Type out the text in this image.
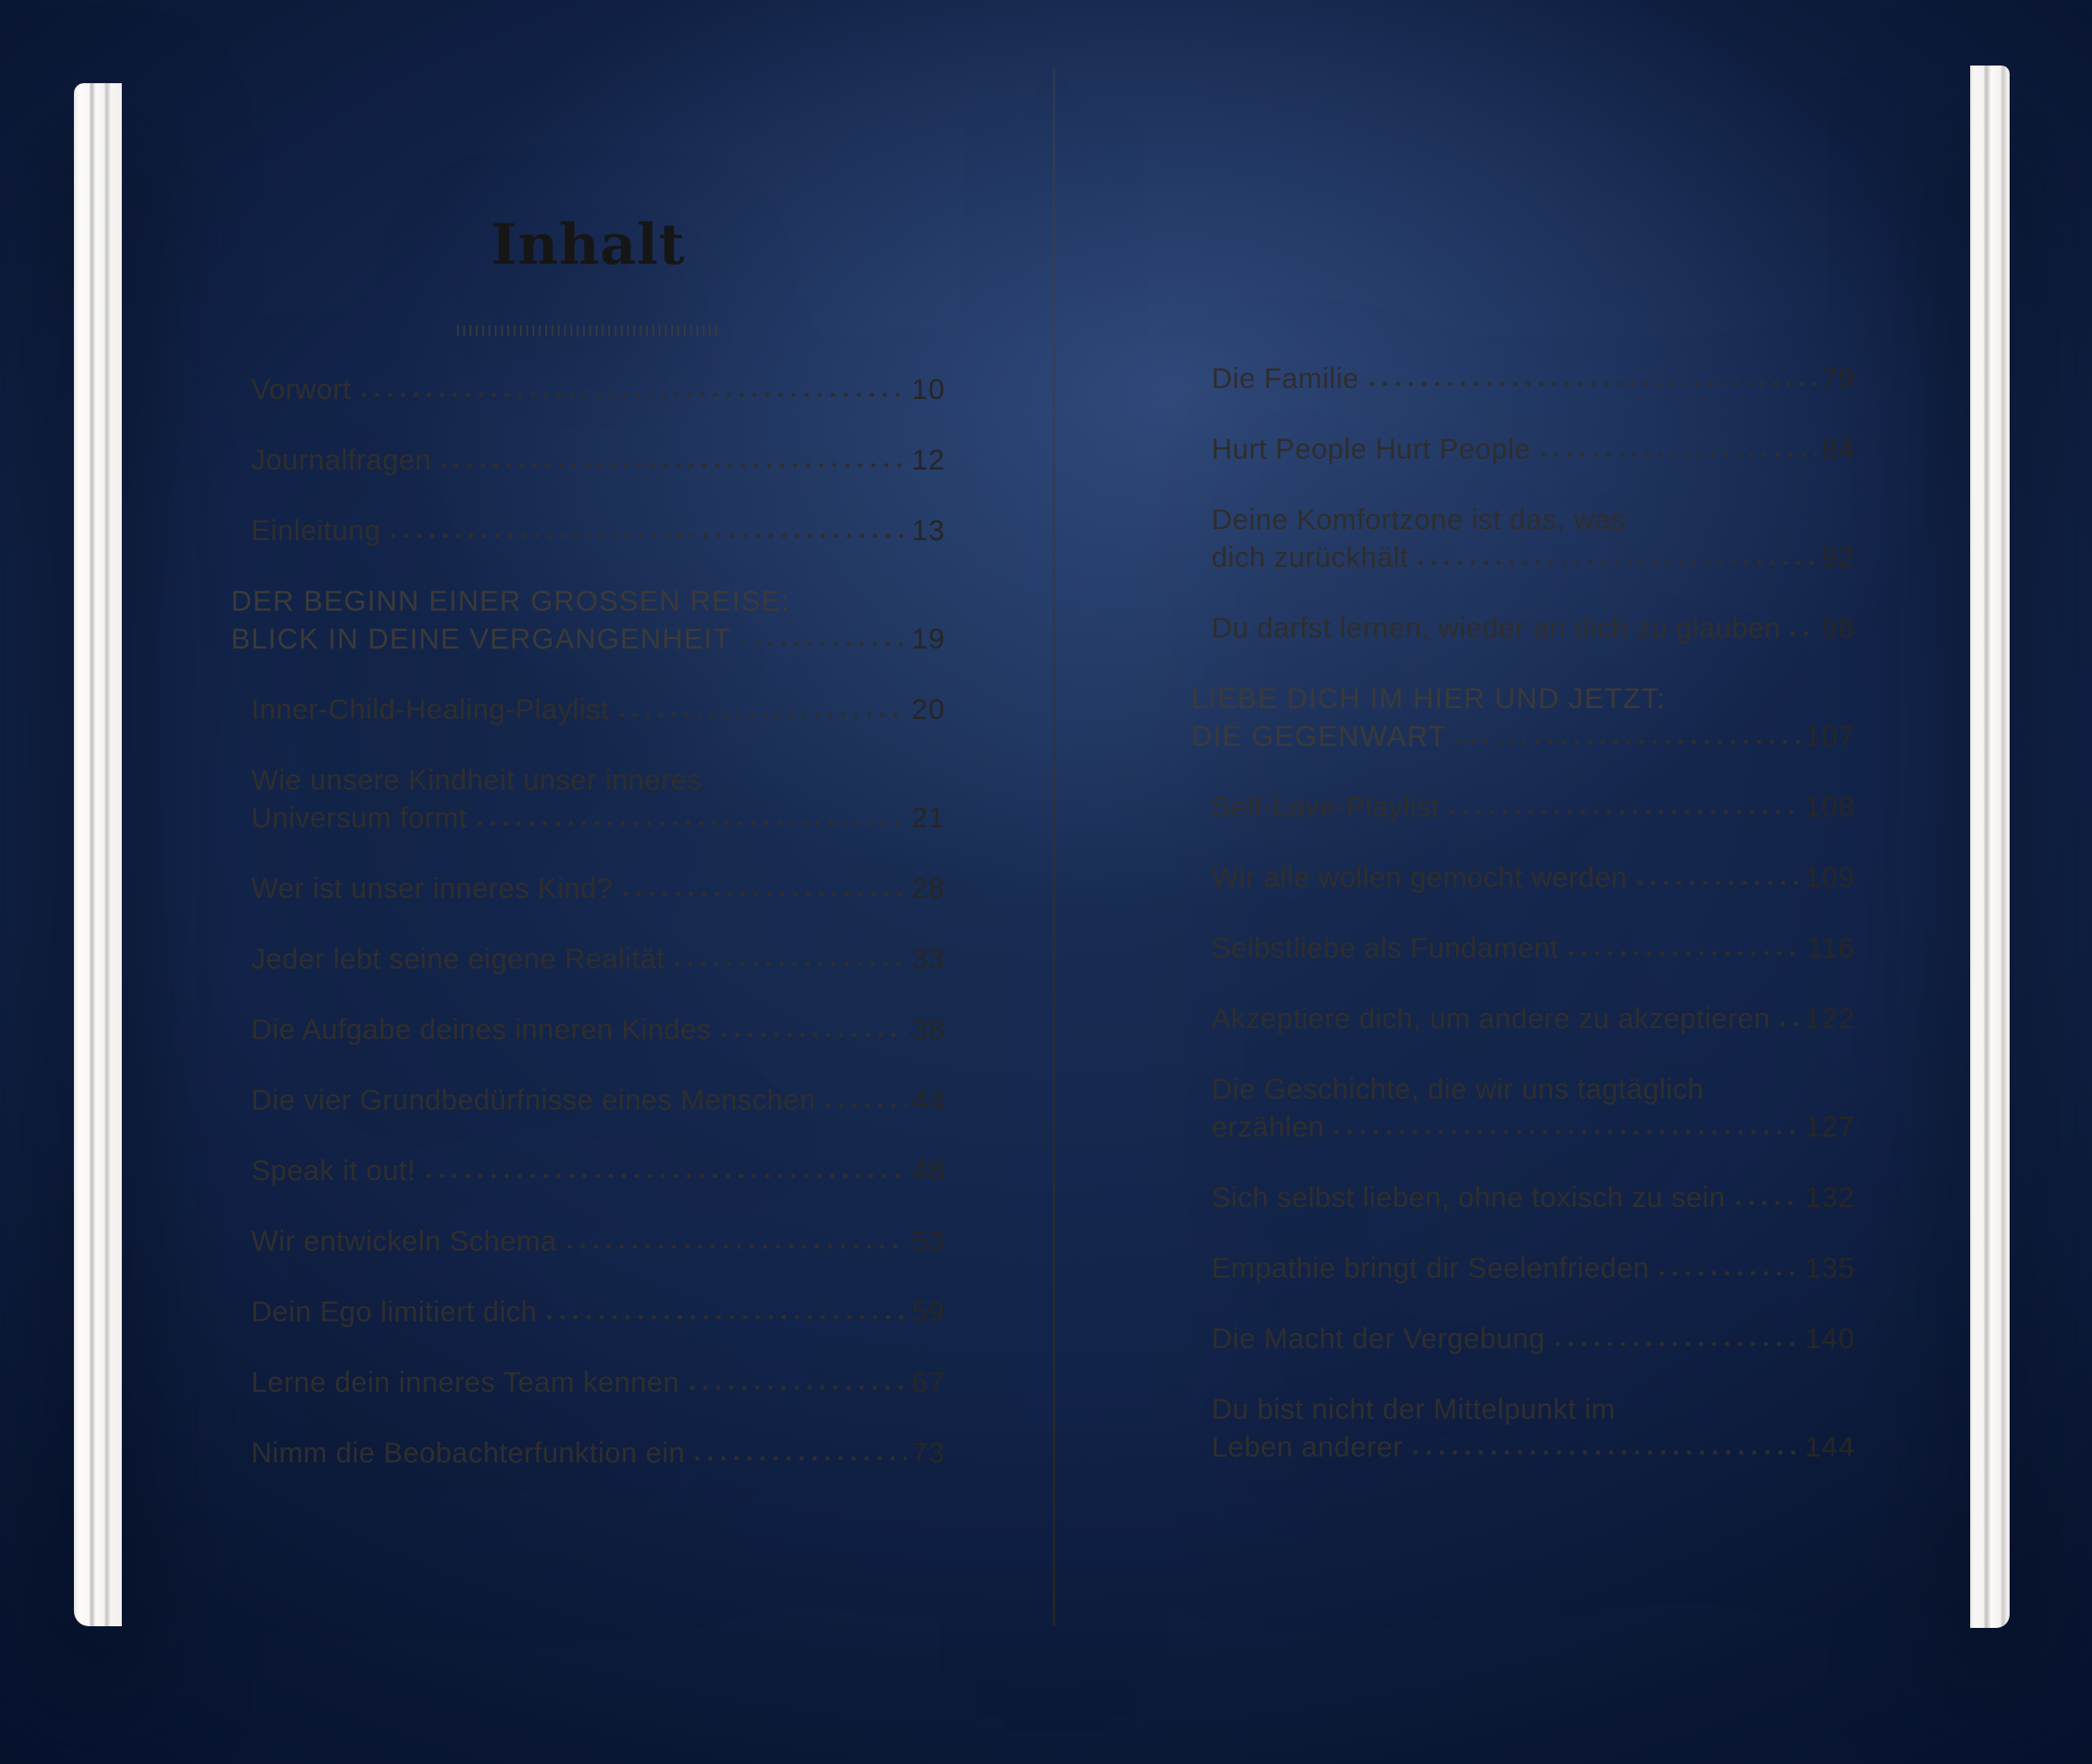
Inhalt
Vorwort	10
Journalfragen	12
Einleitung	13
DER BEGINN EINER GROSSEN REISE:
BLICK IN DEINE VERGANGENHEIT	19
Inner-Child-Healing-Playlist	20
Wie unsere Kindheit unser inneres
Universum formt	21
Wer ist unser inneres Kind?	28
Jeder lebt seine eigene Realität	33
Die Aufgabe deines inneren Kindes	38
Die vier Grundbedürfnisse eines Menschen	44
Speak it out!	48
Wir entwickeln Schema	53
Dein Ego limitiert dich	59
Lerne dein inneres Team kennen	67
Nimm die Beobachterfunktion ein	73
Die Familie	79
Hurt People Hurt People	84
Deine Komfortzone ist das, was
dich zurückhält	92
Du darfst lernen, wieder an dich zu glauben 98
LIEBE DICH IM HIER UND JETZT:
DIE GEGENWART	107
Self-Love-Playlist	108
Wir alle wollen gemocht werden	109
Selbstliebe als Fundament	116
Akzeptiere dich, um andere zu akzeptieren 122
Die Geschichte, die wir uns tagtäglich
erzählen	127
Sich selbst lieben, ohne toxisch zu sein	132
Empathie bringt dir Seelenfrieden	135
Die Macht der Vergebung	140
Du bist nicht der Mittelpunkt im
Leben anderer	144
